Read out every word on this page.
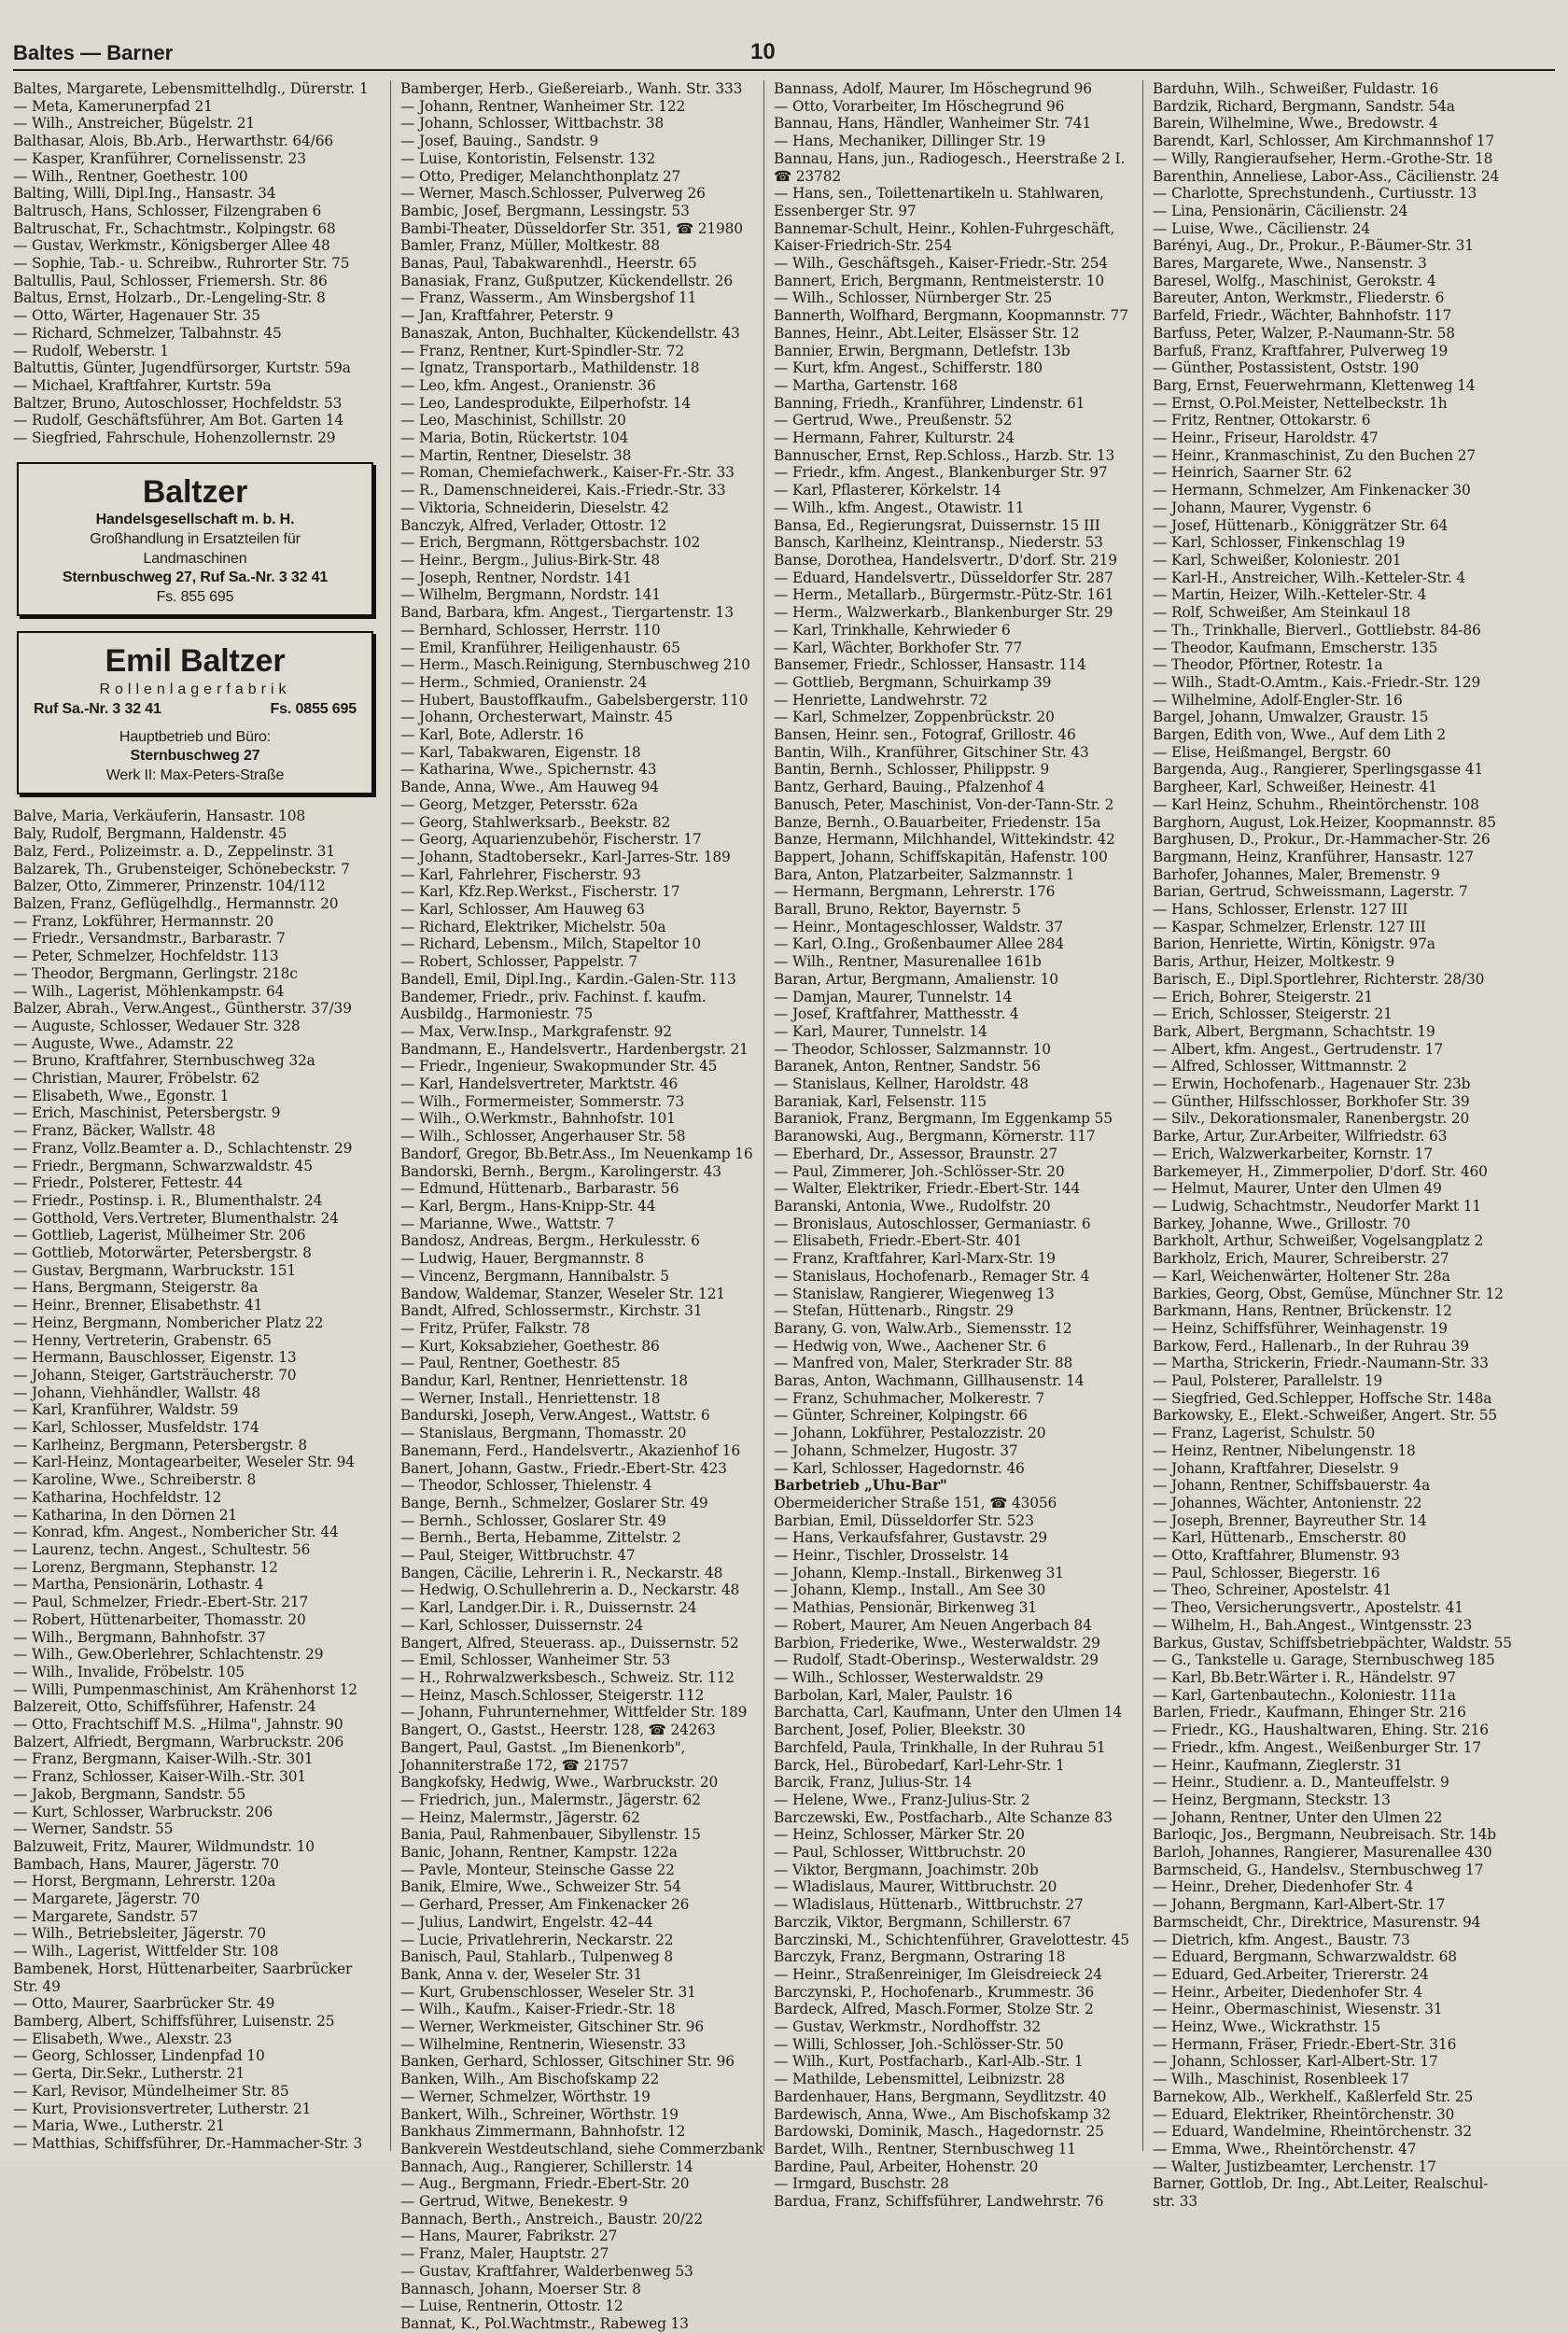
Baltes — Barner	10
Baltes, Margarete, Lebensmittelhdlg., Dürerstr. 1
— Meta, Kamerunerpfad 21
— Wilh., Anstreicher, Bügelstr. 21
Balthasar, Alois, Bb.Arb., Herwarthstr. 64/66
— Kasper, Kranführer, Cornelissenstr. 23
— Wilh., Rentner, Goethestr. 100
Balting, Willi, Dipl.Ing., Hansastr. 34
Baltrusch, Hans, Schlosser, Filzengraben 6
Baltruschat, Fr., Schachtmstr., Kolpingstr. 68
— Gustav, Werkmstr., Königsberger Allee 48
— Sophie, Tab.- u. Schreibw., Ruhrorter Str. 75
Baltullis, Paul, Schlosser, Friemersh. Str. 86
Baltus, Ernst, Holzarb., Dr.-Lengeling-Str. 8
— Otto, Wärter, Hagenauer Str. 35
— Richard, Schmelzer, Talbahnstr. 45
— Rudolf, Weberstr. 1
Baltuttis, Günter, Jugendfürsorger, Kurtstr. 59a
— Michael, Kraftfahrer, Kurtstr. 59a
Baltzer, Bruno, Autoschlosser, Hochfeldstr. 53
— Rudolf, Geschäftsführer, Am Bot. Garten 14
— Siegfried, Fahrschule, Hohenzollernstr. 29
Baltzer
Handelsgesellschaft m. b. H.
Großhandlung in Ersatzteilen für
Landmaschinen
Sternbuschweg 27, Ruf Sa.-Nr. 3 32 41
Fs. 855 695
Emil Baltzer
Rollenlagerfabrik
Ruf Sa.-Nr. 3 32 41	Fs. 0855 695
Hauptbetrieb und Büro:
Sternbuschweg 27
Werk II: Max-Peters-Straße
Balve, Maria, Verkäuferin, Hansastr. 108
Baly, Rudolf, Bergmann, Haldenstr. 45
Balz, Ferd., Polizeimstr. a. D., Zeppelinstr. 31
Balzarek, Th., Grubensteiger, Schönebeckstr. 7
Balzer, Otto, Zimmerer, Prinzenstr. 104/112
Balzen, Franz, Geflügelhdlg., Hermannstr. 20
— Franz, Lokführer, Hermannstr. 20
— Friedr., Versandmstr., Barbarastr. 7
— Peter, Schmelzer, Hochfeldstr. 113
— Theodor, Bergmann, Gerlingstr. 218c
— Wilh., Lagerist, Möhlenkampstr. 64
Balzer, Abrah., Verw.Angest., Güntherstr. 37/39
— Auguste, Schlosser, Wedauer Str. 328
— Auguste, Wwe., Adamstr. 22
— Bruno, Kraftfahrer, Sternbuschweg 32a
— Christian, Maurer, Fröbelstr. 62
— Elisabeth, Wwe., Egonstr. 1
— Erich, Maschinist, Petersbergstr. 9
— Franz, Bäcker, Wallstr. 48
— Franz, Vollz.Beamter a. D., Schlachtenstr. 29
— Friedr., Bergmann, Schwarzwaldstr. 45
— Friedr., Polsterer, Fettestr. 44
— Friedr., Postinsp. i. R., Blumenthalstr. 24
— Gotthold, Vers.Vertreter, Blumenthalstr. 24
— Gottlieb, Lagerist, Mülheimer Str. 206
— Gottlieb, Motorwärter, Petersbergstr. 8
— Gustav, Bergmann, Warbruckstr. 151
— Hans, Bergmann, Steigerstr. 8a
— Heinr., Brenner, Elisabethstr. 41
— Heinz, Bergmann, Nombericher Platz 22
— Henny, Vertreterin, Grabenstr. 65
— Hermann, Bauschlosser, Eigenstr. 13
— Johann, Steiger, Gartsträucherstr. 70
— Johann, Viehhändler, Wallstr. 48
— Karl, Kranführer, Waldstr. 59
— Karl, Schlosser, Musfeldstr. 174
— Karlheinz, Bergmann, Petersbergstr. 8
— Karl-Heinz, Montagearbeiter, Weseler Str. 94
— Karoline, Wwe., Schreiberstr. 8
— Katharina, Hochfeldstr. 12
— Katharina, In den Dörnen 21
— Konrad, kfm. Angest., Nombericher Str. 44
— Laurenz, techn. Angest., Schultestr. 56
— Lorenz, Bergmann, Stephanstr. 12
— Martha, Pensionärin, Lothastr. 4
— Paul, Schmelzer, Friedr.-Ebert-Str. 217
— Robert, Hüttenarbeiter, Thomasstr. 20
— Wilh., Bergmann, Bahnhofstr. 37
— Wilh., Gew.Oberlehrer, Schlachtenstr. 29
— Wilh., Invalide, Fröbelstr. 105
— Willi, Pumpenmaschinist, Am Krähenhorst 12
Balzereit, Otto, Schiffsführer, Hafenstr. 24
— Otto, Frachtschiff M.S. „Hilma", Jahnstr. 90
Balzert, Alfriedt, Bergmann, Warbruckstr. 206
— Franz, Bergmann, Kaiser-Wilh.-Str. 301
— Franz, Schlosser, Kaiser-Wilh.-Str. 301
— Jakob, Bergmann, Sandstr. 55
— Kurt, Schlosser, Warbruckstr. 206
— Werner, Sandstr. 55
Balzuweit, Fritz, Maurer, Wildmundstr. 10
Bambach, Hans, Maurer, Jägerstr. 70
— Horst, Bergmann, Lehrerstr. 120a
— Margarete, Jägerstr. 70
— Margarete, Sandstr. 57
— Wilh., Betriebsleiter, Jägerstr. 70
— Wilh., Lagerist, Wittfelder Str. 108
Bambenek, Horst, Hüttenarbeiter, Saarbrücker
Str. 49
— Otto, Maurer, Saarbrücker Str. 49
Bamberg, Albert, Schiffsführer, Luisenstr. 25
— Elisabeth, Wwe., Alexstr. 23
— Georg, Schlosser, Lindenpfad 10
— Gerta, Dir.Sekr., Lutherstr. 21
— Karl, Revisor, Mündelheimer Str. 85
— Kurt, Provisionsvertreter, Lutherstr. 21
— Maria, Wwe., Lutherstr. 21
— Matthias, Schiffsführer, Dr.-Hammacher-Str. 3
Bamberger, Herb., Gießereiarb., Wanh. Str. 333
— Johann, Rentner, Wanheimer Str. 122
— Johann, Schlosser, Wittbachstr. 38
— Josef, Bauing., Sandstr. 9
— Luise, Kontoristin, Felsenstr. 132
— Otto, Prediger, Melanchthonplatz 27
— Werner, Masch.Schlosser, Pulverweg 26
Bambic, Josef, Bergmann, Lessingstr. 53
Bambi-Theater, Düsseldorfer Str. 351, ☎ 21980
Bamler, Franz, Müller, Moltkestr. 88
Banas, Paul, Tabakwarenhdl., Heerstr. 65
Banasiak, Franz, Gußputzer, Kückendellstr. 26
— Franz, Wasserm., Am Winsbergshof 11
— Jan, Kraftfahrer, Peterstr. 9
Banaszak, Anton, Buchhalter, Kückendellstr. 43
— Franz, Rentner, Kurt-Spindler-Str. 72
— Ignatz, Transportarb., Mathildenstr. 18
— Leo, kfm. Angest., Oranienstr. 36
— Leo, Landesprodukte, Eilperhofstr. 14
— Leo, Maschinist, Schillstr. 20
— Maria, Botin, Rückertstr. 104
— Martin, Rentner, Dieselstr. 38
— Roman, Chemiefachwerk., Kaiser-Fr.-Str. 33
— R., Damenschneiderei, Kais.-Friedr.-Str. 33
— Viktoria, Schneiderin, Dieselstr. 42
Banczyk, Alfred, Verlader, Ottostr. 12
— Erich, Bergmann, Röttgersbachstr. 102
— Heinr., Bergm., Julius-Birk-Str. 48
— Joseph, Rentner, Nordstr. 141
— Wilhelm, Bergmann, Nordstr. 141
Band, Barbara, kfm. Angest., Tiergartenstr. 13
— Bernhard, Schlosser, Herrstr. 110
— Emil, Kranführer, Heiligenhaustr. 65
— Herm., Masch.Reinigung, Sternbuschweg 210
— Herm., Schmied, Oranienstr. 24
— Hubert, Baustoffkaufm., Gabelsbergerstr. 110
— Johann, Orchesterwart, Mainstr. 45
— Karl, Bote, Adlerstr. 16
— Karl, Tabakwaren, Eigenstr. 18
— Katharina, Wwe., Spichernstr. 43
Bande, Anna, Wwe., Am Hauweg 94
— Georg, Metzger, Petersstr. 62a
— Georg, Stahlwerksarb., Beekstr. 82
— Georg, Aquarienzubehör, Fischerstr. 17
— Johann, Stadtobersekr., Karl-Jarres-Str. 189
— Karl, Fahrlehrer, Fischerstr. 93
— Karl, Kfz.Rep.Werkst., Fischerstr. 17
— Karl, Schlosser, Am Hauweg 63
— Richard, Elektriker, Michelstr. 50a
— Richard, Lebensm., Milch, Stapeltor 10
— Robert, Schlosser, Pappelstr. 7
Bandell, Emil, Dipl.Ing., Kardin.-Galen-Str. 113
Bandemer, Friedr., priv. Fachinst. f. kaufm.
Ausbildg., Harmoniestr. 75
— Max, Verw.Insp., Markgrafenstr. 92
Bandmann, E., Handelsvertr., Hardenbergstr. 21
— Friedr., Ingenieur, Swakopmunder Str. 45
— Karl, Handelsvertreter, Marktstr. 46
— Wilh., Formermeister, Sommerstr. 73
— Wilh., O.Werkmstr., Bahnhofstr. 101
— Wilh., Schlosser, Angerhauser Str. 58
Bandorf, Gregor, Bb.Betr.Ass., Im Neuenkamp 16
Bandorski, Bernh., Bergm., Karolingerstr. 43
— Edmund, Hüttenarb., Barbarastr. 56
— Karl, Bergm., Hans-Knipp-Str. 44
— Marianne, Wwe., Wattstr. 7
Bandosz, Andreas, Bergm., Herkulesstr. 6
— Ludwig, Hauer, Bergmannstr. 8
— Vincenz, Bergmann, Hannibalstr. 5
Bandow, Waldemar, Stanzer, Weseler Str. 121
Bandt, Alfred, Schlossermstr., Kirchstr. 31
— Fritz, Prüfer, Falkstr. 78
— Kurt, Koksabzieher, Goethestr. 86
— Paul, Rentner, Goethestr. 85
Bandur, Karl, Rentner, Henriettenstr. 18
— Werner, Install., Henriettenstr. 18
Bandurski, Joseph, Verw.Angest., Wattstr. 6
— Stanislaus, Bergmann, Thomasstr. 20
Banemann, Ferd., Handelsvertr., Akazienhof 16
Banert, Johann, Gastw., Friedr.-Ebert-Str. 423
— Theodor, Schlosser, Thielenstr. 4
Bange, Bernh., Schmelzer, Goslarer Str. 49
— Bernh., Schlosser, Goslarer Str. 49
— Bernh., Berta, Hebamme, Zittelstr. 2
— Paul, Steiger, Wittbruchstr. 47
Bangen, Cäcilie, Lehrerin i. R., Neckarstr. 48
— Hedwig, O.Schullehrerin a. D., Neckarstr. 48
— Karl, Landger.Dir. i. R., Duissernstr. 24
— Karl, Schlosser, Duissernstr. 24
Bangert, Alfred, Steuerass. ap., Duissernstr. 52
— Emil, Schlosser, Wanheimer Str. 53
— H., Rohrwalzwerksbesch., Schweiz. Str. 112
— Heinz, Masch.Schlosser, Steigerstr. 112
— Johann, Fuhrunternehmer, Wittfelder Str. 189
Bangert, O., Gastst., Heerstr. 128, ☎ 24263
Bangert, Paul, Gastst. „Im Bienenkorb",
Johanniterstraße 172, ☎ 21757
Bangkofsky, Hedwig, Wwe., Warbruckstr. 20
— Friedrich, jun., Malermstr., Jägerstr. 62
— Heinz, Malermstr., Jägerstr. 62
Bania, Paul, Rahmenbauer, Sibyllenstr. 15
Banic, Johann, Rentner, Kampstr. 122a
— Pavle, Monteur, Steinsche Gasse 22
Banik, Elmire, Wwe., Schweizer Str. 54
— Gerhard, Presser, Am Finkenacker 26
— Julius, Landwirt, Engelstr. 42–44
— Lucie, Privatlehrerin, Neckarstr. 22
Banisch, Paul, Stahlarb., Tulpenweg 8
Bank, Anna v. der, Weseler Str. 31
— Kurt, Grubenschlosser, Weseler Str. 31
— Wilh., Kaufm., Kaiser-Friedr.-Str. 18
— Werner, Werkmeister, Gitschiner Str. 96
— Wilhelmine, Rentnerin, Wiesenstr. 33
Banken, Gerhard, Schlosser, Gitschiner Str. 96
Banken, Wilh., Am Bischofskamp 22
— Werner, Schmelzer, Wörthstr. 19
Bankert, Wilh., Schreiner, Wörthstr. 19
Bankhaus Zimmermann, Bahnhofstr. 12
Bankverein Westdeutschland, siehe Commerzbank
Bannach, Aug., Rangierer, Schillerstr. 14
— Aug., Bergmann, Friedr.-Ebert-Str. 20
— Gertrud, Witwe, Benekestr. 9
Bannach, Berth., Anstreich., Baustr. 20/22
— Hans, Maurer, Fabrikstr. 27
— Franz, Maler, Hauptstr. 27
— Gustav, Kraftfahrer, Walderbenweg 53
Bannasch, Johann, Moerser Str. 8
— Luise, Rentnerin, Ottostr. 12
Bannat, K., Pol.Wachtmstr., Rabeweg 13
Bannass, Adolf, Maurer, Im Höschegrund 96
— Otto, Vorarbeiter, Im Höschegrund 96
Bannau, Hans, Händler, Wanheimer Str. 741
— Hans, Mechaniker, Dillinger Str. 19
Bannau, Hans, jun., Radiogesch., Heerstraße 2 I.
☎ 23782
— Hans, sen., Toilettenartikeln u. Stahlwaren,
Essenberger Str. 97
Bannemar-Schult, Heinr., Kohlen-Fuhrgeschäft,
Kaiser-Friedrich-Str. 254
— Wilh., Geschäftsgeh., Kaiser-Friedr.-Str. 254
Bannert, Erich, Bergmann, Rentmeisterstr. 10
— Wilh., Schlosser, Nürnberger Str. 25
Bannerth, Wolfhard, Bergmann, Koopmannstr. 77
Bannes, Heinr., Abt.Leiter, Elsässer Str. 12
Bannier, Erwin, Bergmann, Detlefstr. 13b
— Kurt, kfm. Angest., Schifferstr. 180
— Martha, Gartenstr. 168
Banning, Friedh., Kranführer, Lindenstr. 61
— Gertrud, Wwe., Preußenstr. 52
— Hermann, Fahrer, Kulturstr. 24
Bannuscher, Ernst, Rep.Schloss., Harzb. Str. 13
— Friedr., kfm. Angest., Blankenburger Str. 97
— Karl, Pflasterer, Körkelstr. 14
— Wilh., kfm. Angest., Otawistr. 11
Bansa, Ed., Regierungsrat, Duissernstr. 15 III
Bansch, Karlheinz, Kleintransp., Niederstr. 53
Banse, Dorothea, Handelsvertr., D'dorf. Str. 219
— Eduard, Handelsvertr., Düsseldorfer Str. 287
— Herm., Metallarb., Bürgermstr.-Pütz-Str. 161
— Herm., Walzwerkarb., Blankenburger Str. 29
— Karl, Trinkhalle, Kehrwieder 6
— Karl, Wächter, Borkhofer Str. 77
Bansemer, Friedr., Schlosser, Hansastr. 114
— Gottlieb, Bergmann, Schuirkamp 39
— Henriette, Landwehrstr. 72
— Karl, Schmelzer, Zoppenbrückstr. 20
Bansen, Heinr. sen., Fotograf, Grillostr. 46
Bantin, Wilh., Kranführer, Gitschiner Str. 43
Bantin, Bernh., Schlosser, Philippstr. 9
Bantz, Gerhard, Bauing., Pfalzenhof 4
Banusch, Peter, Maschinist, Von-der-Tann-Str. 2
Banze, Bernh., O.Bauarbeiter, Friedenstr. 15a
Banze, Hermann, Milchhandel, Wittekindstr. 42
Bappert, Johann, Schiffskapitän, Hafenstr. 100
Bara, Anton, Platzarbeiter, Salzmannstr. 1
— Hermann, Bergmann, Lehrerstr. 176
Barall, Bruno, Rektor, Bayernstr. 5
— Heinr., Montageschlosser, Waldstr. 37
— Karl, O.Ing., Großenbaumer Allee 284
— Wilh., Rentner, Masurenallee 161b
Baran, Artur, Bergmann, Amalienstr. 10
— Damjan, Maurer, Tunnelstr. 14
— Josef, Kraftfahrer, Matthesstr. 4
— Karl, Maurer, Tunnelstr. 14
— Theodor, Schlosser, Salzmannstr. 10
Baranek, Anton, Rentner, Sandstr. 56
— Stanislaus, Kellner, Haroldstr. 48
Baraniak, Karl, Felsenstr. 115
Baraniok, Franz, Bergmann, Im Eggenkamp 55
Baranowski, Aug., Bergmann, Körnerstr. 117
— Eberhard, Dr., Assessor, Braunstr. 27
— Paul, Zimmerer, Joh.-Schlösser-Str. 20
— Walter, Elektriker, Friedr.-Ebert-Str. 144
Baranski, Antonia, Wwe., Rudolfstr. 20
— Bronislaus, Autoschlosser, Germaniastr. 6
— Elisabeth, Friedr.-Ebert-Str. 401
— Franz, Kraftfahrer, Karl-Marx-Str. 19
— Stanislaus, Hochofenarb., Remager Str. 4
— Stanislaw, Rangierer, Wiegenweg 13
— Stefan, Hüttenarb., Ringstr. 29
Barany, G. von, Walw.Arb., Siemensstr. 12
— Hedwig von, Wwe., Aachener Str. 6
— Manfred von, Maler, Sterkrader Str. 88
Baras, Anton, Wachmann, Gillhausenstr. 14
— Franz, Schuhmacher, Molkerestr. 7
— Günter, Schreiner, Kolpingstr. 66
— Johann, Lokführer, Pestalozzistr. 20
— Johann, Schmelzer, Hugostr. 37
— Karl, Schlosser, Hagedornstr. 46
Barbetrieb „Uhu-Bar"
Obermeidericher Straße 151, ☎ 43056
Barbian, Emil, Düsseldorfer Str. 523
— Hans, Verkaufsfahrer, Gustavstr. 29
— Heinr., Tischler, Drosselstr. 14
— Johann, Klemp.-Install., Birkenweg 31
— Johann, Klemp., Install., Am See 30
— Mathias, Pensionär, Birkenweg 31
— Robert, Maurer, Am Neuen Angerbach 84
Barbion, Friederike, Wwe., Westerwaldstr. 29
— Rudolf, Stadt-Oberinsp., Westerwaldstr. 29
— Wilh., Schlosser, Westerwaldstr. 29
Barbolan, Karl, Maler, Paulstr. 16
Barchatta, Carl, Kaufmann, Unter den Ulmen 14
Barchent, Josef, Polier, Bleekstr. 30
Barchfeld, Paula, Trinkhalle, In der Ruhrau 51
Barck, Hel., Bürobedarf, Karl-Lehr-Str. 1
Barcik, Franz, Julius-Str. 14
— Helene, Wwe., Franz-Julius-Str. 2
Barczewski, Ew., Postfacharb., Alte Schanze 83
— Heinz, Schlosser, Märker Str. 20
— Paul, Schlosser, Wittbruchstr. 20
— Viktor, Bergmann, Joachimstr. 20b
— Wladislaus, Maurer, Wittbruchstr. 20
— Wladislaus, Hüttenarb., Wittbruchstr. 27
Barczik, Viktor, Bergmann, Schillerstr. 67
Barczinski, M., Schichtenführer, Gravelottestr. 45
Barczyk, Franz, Bergmann, Ostraring 18
— Heinr., Straßenreiniger, Im Gleisdreieck 24
Barczynski, P., Hochofenarb., Krummestr. 36
Bardeck, Alfred, Masch.Former, Stolze Str. 2
— Gustav, Werkmstr., Nordhoffstr. 32
— Willi, Schlosser, Joh.-Schlösser-Str. 50
— Wilh., Kurt, Postfacharb., Karl-Alb.-Str. 1
— Mathilde, Lebensmittel, Leibnizstr. 28
Bardenhauer, Hans, Bergmann, Seydlitzstr. 40
Bardewisch, Anna, Wwe., Am Bischofskamp 32
Bardowski, Dominik, Masch., Hagedornstr. 25
Bardet, Wilh., Rentner, Sternbuschweg 11
Bardine, Paul, Arbeiter, Hohenstr. 20
— Irmgard, Buschstr. 28
Bardua, Franz, Schiffsführer, Landwehrstr. 76
Barduhn, Wilh., Schweißer, Fuldastr. 16
Bardzik, Richard, Bergmann, Sandstr. 54a
Barein, Wilhelmine, Wwe., Bredowstr. 4
Barendt, Karl, Schlosser, Am Kirchmannshof 17
— Willy, Rangieraufseher, Herm.-Grothe-Str. 18
Barenthin, Anneliese, Labor-Ass., Cäcilienstr. 24
— Charlotte, Sprechstundenh., Curtiusstr. 13
— Lina, Pensionärin, Cäcilienstr. 24
— Luise, Wwe., Cäcilienstr. 24
Barényi, Aug., Dr., Prokur., P.-Bäumer-Str. 31
Bares, Margarete, Wwe., Nansenstr. 3
Baresel, Wolfg., Maschinist, Gerokstr. 4
Bareuter, Anton, Werkmstr., Fliederstr. 6
Barfeld, Friedr., Wächter, Bahnhofstr. 117
Barfuss, Peter, Walzer, P.-Naumann-Str. 58
Barfuß, Franz, Kraftfahrer, Pulverweg 19
— Günther, Postassistent, Oststr. 190
Barg, Ernst, Feuerwehrmann, Klettenweg 14
— Ernst, O.Pol.Meister, Nettelbeckstr. 1h
— Fritz, Rentner, Ottokarstr. 6
— Heinr., Friseur, Haroldstr. 47
— Heinr., Kranmaschinist, Zu den Buchen 27
— Heinrich, Saarner Str. 62
— Hermann, Schmelzer, Am Finkenacker 30
— Johann, Maurer, Vygenstr. 6
— Josef, Hüttenarb., Königgrätzer Str. 64
— Karl, Schlosser, Finkenschlag 19
— Karl, Schweißer, Koloniestr. 201
— Karl-H., Anstreicher, Wilh.-Ketteler-Str. 4
— Martin, Heizer, Wilh.-Ketteler-Str. 4
— Rolf, Schweißer, Am Steinkaul 18
— Th., Trinkhalle, Bierverl., Gottliebstr. 84-86
— Theodor, Kaufmann, Emscherstr. 135
— Theodor, Pförtner, Rotestr. 1a
— Wilh., Stadt-O.Amtm., Kais.-Friedr.-Str. 129
— Wilhelmine, Adolf-Engler-Str. 16
Bargel, Johann, Umwalzer, Graustr. 15
Bargen, Edith von, Wwe., Auf dem Lith 2
— Elise, Heißmangel, Bergstr. 60
Bargenda, Aug., Rangierer, Sperlingsgasse 41
Bargheer, Karl, Schweißer, Heinestr. 41
— Karl Heinz, Schuhm., Rheintörchenstr. 108
Barghorn, August, Lok.Heizer, Koopmannstr. 85
Barghusen, D., Prokur., Dr.-Hammacher-Str. 26
Bargmann, Heinz, Kranführer, Hansastr. 127
Barhofer, Johannes, Maler, Bremenstr. 9
Barian, Gertrud, Schweissmann, Lagerstr. 7
— Hans, Schlosser, Erlenstr. 127 III
— Kaspar, Schmelzer, Erlenstr. 127 III
Barion, Henriette, Wirtin, Königstr. 97a
Baris, Arthur, Heizer, Moltkestr. 9
Barisch, E., Dipl.Sportlehrer, Richterstr. 28/30
— Erich, Bohrer, Steigerstr. 21
— Erich, Schlosser, Steigerstr. 21
Bark, Albert, Bergmann, Schachtstr. 19
— Albert, kfm. Angest., Gertrudenstr. 17
— Alfred, Schlosser, Wittmannstr. 2
— Erwin, Hochofenarb., Hagenauer Str. 23b
— Günther, Hilfsschlosser, Borkhofer Str. 39
— Silv., Dekorationsmaler, Ranenbergstr. 20
Barke, Artur, Zur.Arbeiter, Wilfriedstr. 63
— Erich, Walzwerkarbeiter, Kornstr. 17
Barkemeyer, H., Zimmerpolier, D'dorf. Str. 460
— Helmut, Maurer, Unter den Ulmen 49
— Ludwig, Schachtmstr., Neudorfer Markt 11
Barkey, Johanne, Wwe., Grillostr. 70
Barkholt, Arthur, Schweißer, Vogelsangplatz 2
Barkholz, Erich, Maurer, Schreiberstr. 27
— Karl, Weichenwärter, Holtener Str. 28a
Barkies, Georg, Obst, Gemüse, Münchner Str. 12
Barkmann, Hans, Rentner, Brückenstr. 12
— Heinz, Schiffsführer, Weinhagenstr. 19
Barkow, Ferd., Hallenarb., In der Ruhrau 39
— Martha, Strickerin, Friedr.-Naumann-Str. 33
— Paul, Polsterer, Parallelstr. 19
— Siegfried, Ged.Schlepper, Hoffsche Str. 148a
Barkowsky, E., Elekt.-Schweißer, Angert. Str. 55
— Franz, Lagerist, Schulstr. 50
— Heinz, Rentner, Nibelungenstr. 18
— Johann, Kraftfahrer, Dieselstr. 9
— Johann, Rentner, Schiffsbauerstr. 4a
— Johannes, Wächter, Antonienstr. 22
— Joseph, Brenner, Bayreuther Str. 14
— Karl, Hüttenarb., Emscherstr. 80
— Otto, Kraftfahrer, Blumenstr. 93
— Paul, Schlosser, Biegerstr. 16
— Theo, Schreiner, Apostelstr. 41
— Theo, Versicherungsvertr., Apostelstr. 41
— Wilhelm, H., Bah.Angest., Wintgensstr. 23
Barkus, Gustav, Schiffsbetriebpächter, Waldstr. 55
— G., Tankstelle u. Garage, Sternbuschweg 185
— Karl, Bb.Betr.Wärter i. R., Händelstr. 97
— Karl, Gartenbautechn., Koloniestr. 111a
Barlen, Friedr., Kaufmann, Ehinger Str. 216
— Friedr., KG., Haushaltwaren, Ehing. Str. 216
— Friedr., kfm. Angest., Weißenburger Str. 17
— Heinr., Kaufmann, Zieglerstr. 31
— Heinr., Studienr. a. D., Manteuffelstr. 9
— Heinz, Bergmann, Steckstr. 13
— Johann, Rentner, Unter den Ulmen 22
Barloqic, Jos., Bergmann, Neubreisach. Str. 14b
Barloh, Johannes, Rangierer, Masurenallee 430
Barmscheid, G., Handelsv., Sternbuschweg 17
— Heinr., Dreher, Diedenhofer Str. 4
— Johann, Bergmann, Karl-Albert-Str. 17
Barmscheidt, Chr., Direktrice, Masurenstr. 94
— Dietrich, kfm. Angest., Baustr. 73
— Eduard, Bergmann, Schwarzwaldstr. 68
— Eduard, Ged.Arbeiter, Triererstr. 24
— Heinr., Arbeiter, Diedenhofer Str. 4
— Heinr., Obermaschinist, Wiesenstr. 31
— Heinz, Wwe., Wickrathstr. 15
— Hermann, Fräser, Friedr.-Ebert-Str. 316
— Johann, Schlosser, Karl-Albert-Str. 17
— Wilh., Maschinist, Rosenbleek 17
Barnekow, Alb., Werkhelf., Kaßlerfeld Str. 25
— Eduard, Elektriker, Rheintörchenstr. 30
— Eduard, Wandelmine, Rheintörchenstr. 32
— Emma, Wwe., Rheintörchenstr. 47
— Walter, Justizbeamter, Lerchenstr. 17
Barner, Gottlob, Dr. Ing., Abt.Leiter, Realschul-
str. 33
